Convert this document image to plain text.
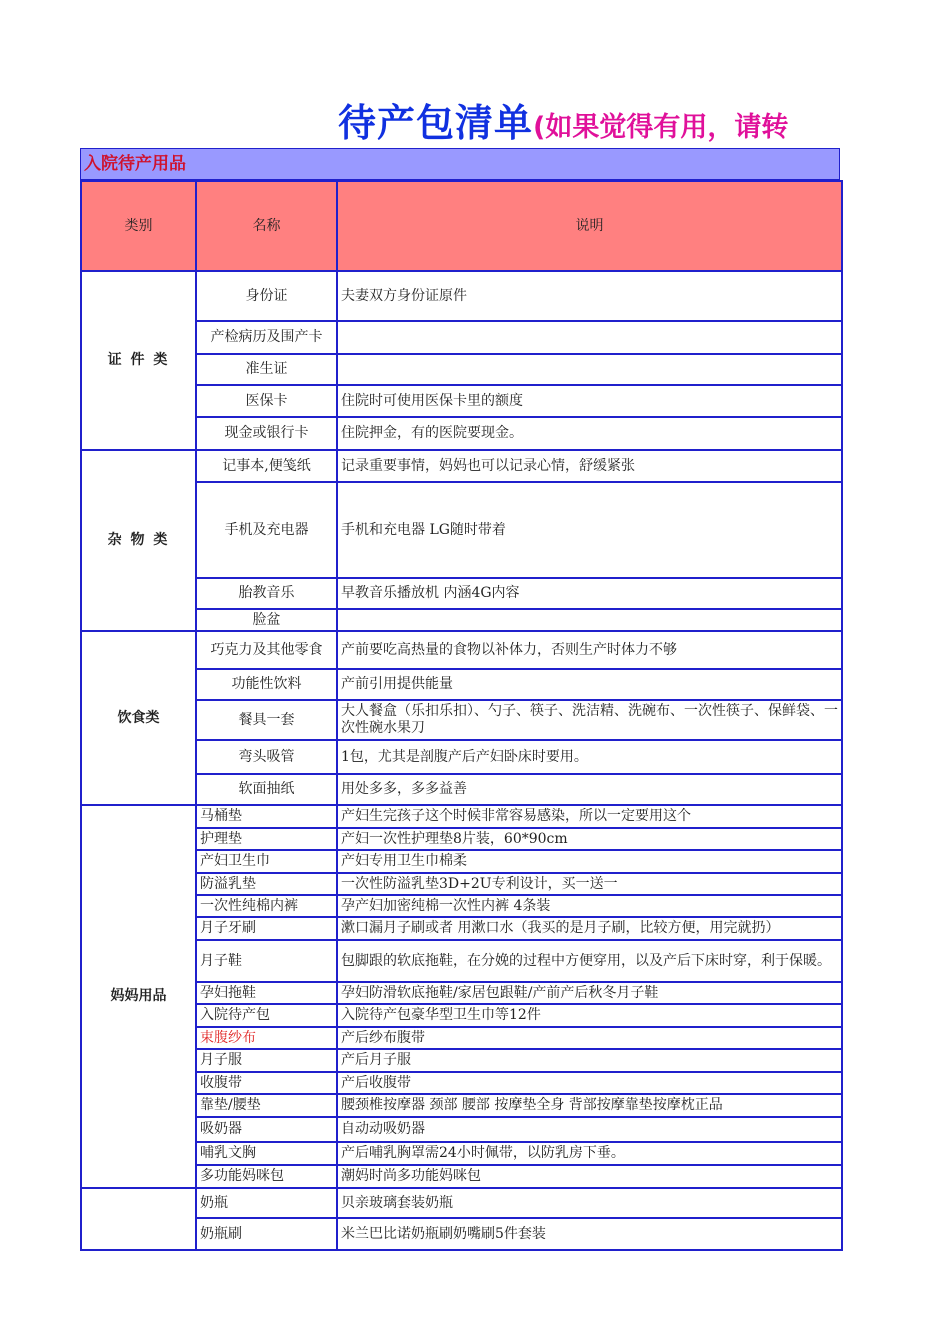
待产包清单(如果觉得有用，请转
入院待产用品
类别	名称	说明
证 件 类	身份证	夫妻双方身份证原件
	产检病历及围产卡	
	准生证	
	医保卡	住院时可使用医保卡里的额度
	现金或银行卡	住院押金，有的医院要现金。
杂 物 类	记事本,便笺纸	记录重要事情，妈妈也可以记录心情，舒缓紧张
	手机及充电器	手机和充电器 LG随时带着
	胎教音乐	早教音乐播放机 内涵4G内容
	脸盆	
饮食类	巧克力及其他零食	产前要吃高热量的食物以补体力，否则生产时体力不够
	功能性饮料	产前引用提供能量
	餐具一套	大人餐盒（乐扣乐扣）、勺子、筷子、洗洁精、洗碗布、一次性筷子、保鲜袋、一次性碗水果刀
	弯头吸管	1包，尤其是剖腹产后产妇卧床时要用。
	软面抽纸	用处多多，多多益善
妈妈用品	马桶垫	产妇生完孩子这个时候非常容易感染，所以一定要用这个
	护理垫	产妇一次性护理垫8片装，60*90cm
	产妇卫生巾	产妇专用卫生巾棉柔
	防溢乳垫	一次性防溢乳垫3D+2U专利设计，买一送一
	一次性纯棉内裤	孕产妇加密纯棉一次性内裤 4条装
	月子牙刷	漱口漏月子刷或者 用漱口水（我买的是月子刷，比较方便，用完就扔）
	月子鞋	包脚跟的软底拖鞋，在分娩的过程中方便穿用，以及产后下床时穿，利于保暖。
	孕妇拖鞋	孕妇防滑软底拖鞋/家居包跟鞋/产前产后秋冬月子鞋
	入院待产包	入院待产包豪华型卫生巾等12件
	束腹纱布	产后纱布腹带
	月子服	产后月子服
	收腹带	产后收腹带
	靠垫/腰垫	腰颈椎按摩器 颈部 腰部 按摩垫全身 背部按摩靠垫按摩枕正品
	吸奶器	自动动吸奶器
	哺乳文胸	产后哺乳胸罩需24小时佩带，以防乳房下垂。
	多功能妈咪包	潮妈时尚多功能妈咪包
	奶瓶	贝亲玻璃套装奶瓶
	奶瓶刷	米兰巴比诺奶瓶刷奶嘴刷5件套装
